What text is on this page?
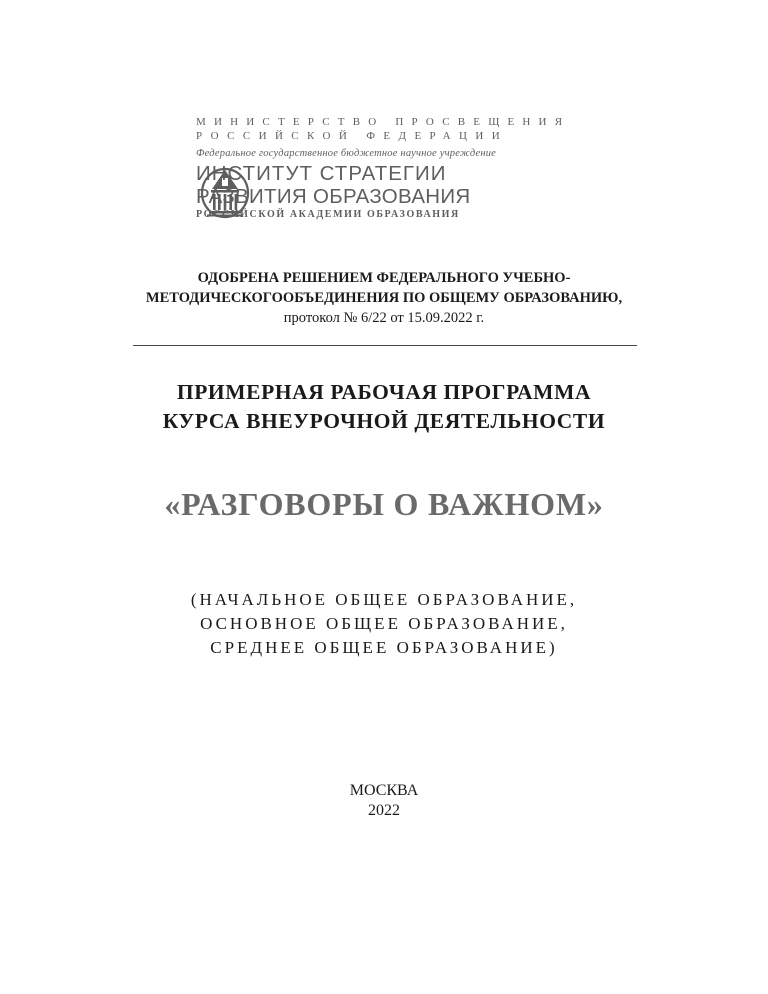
МИНИСТЕРСТВО ПРОСВЕЩЕНИЯ
РОССИЙСКОЙ ФЕДЕРАЦИИ
Федеральное государственное бюджетное научное учреждение
ИНСТИТУТ СТРАТЕГИИ
РАЗВИТИЯ ОБРАЗОВАНИЯ
РОССИЙСКОЙ АКАДЕМИИ ОБРАЗОВАНИЯ
ОДОБРЕНА РЕШЕНИЕМ ФЕДЕРАЛЬНОГО УЧЕБНО-
МЕТОДИЧЕСКОГООБЪЕДИНЕНИЯ ПО ОБЩЕМУ ОБРАЗОВАНИЮ,
протокол № 6/22 от 15.09.2022 г.
ПРИМЕРНАЯ РАБОЧАЯ ПРОГРАММА
КУРСА ВНЕУРОЧНОЙ ДЕЯТЕЛЬНОСТИ
«РАЗГОВОРЫ О ВАЖНОМ»
(НАЧАЛЬНОЕ ОБЩЕЕ ОБРАЗОВАНИЕ,
ОСНОВНОЕ ОБЩЕЕ ОБРАЗОВАНИЕ,
СРЕДНЕЕ ОБЩЕЕ ОБРАЗОВАНИЕ)
МОСКВА
2022
